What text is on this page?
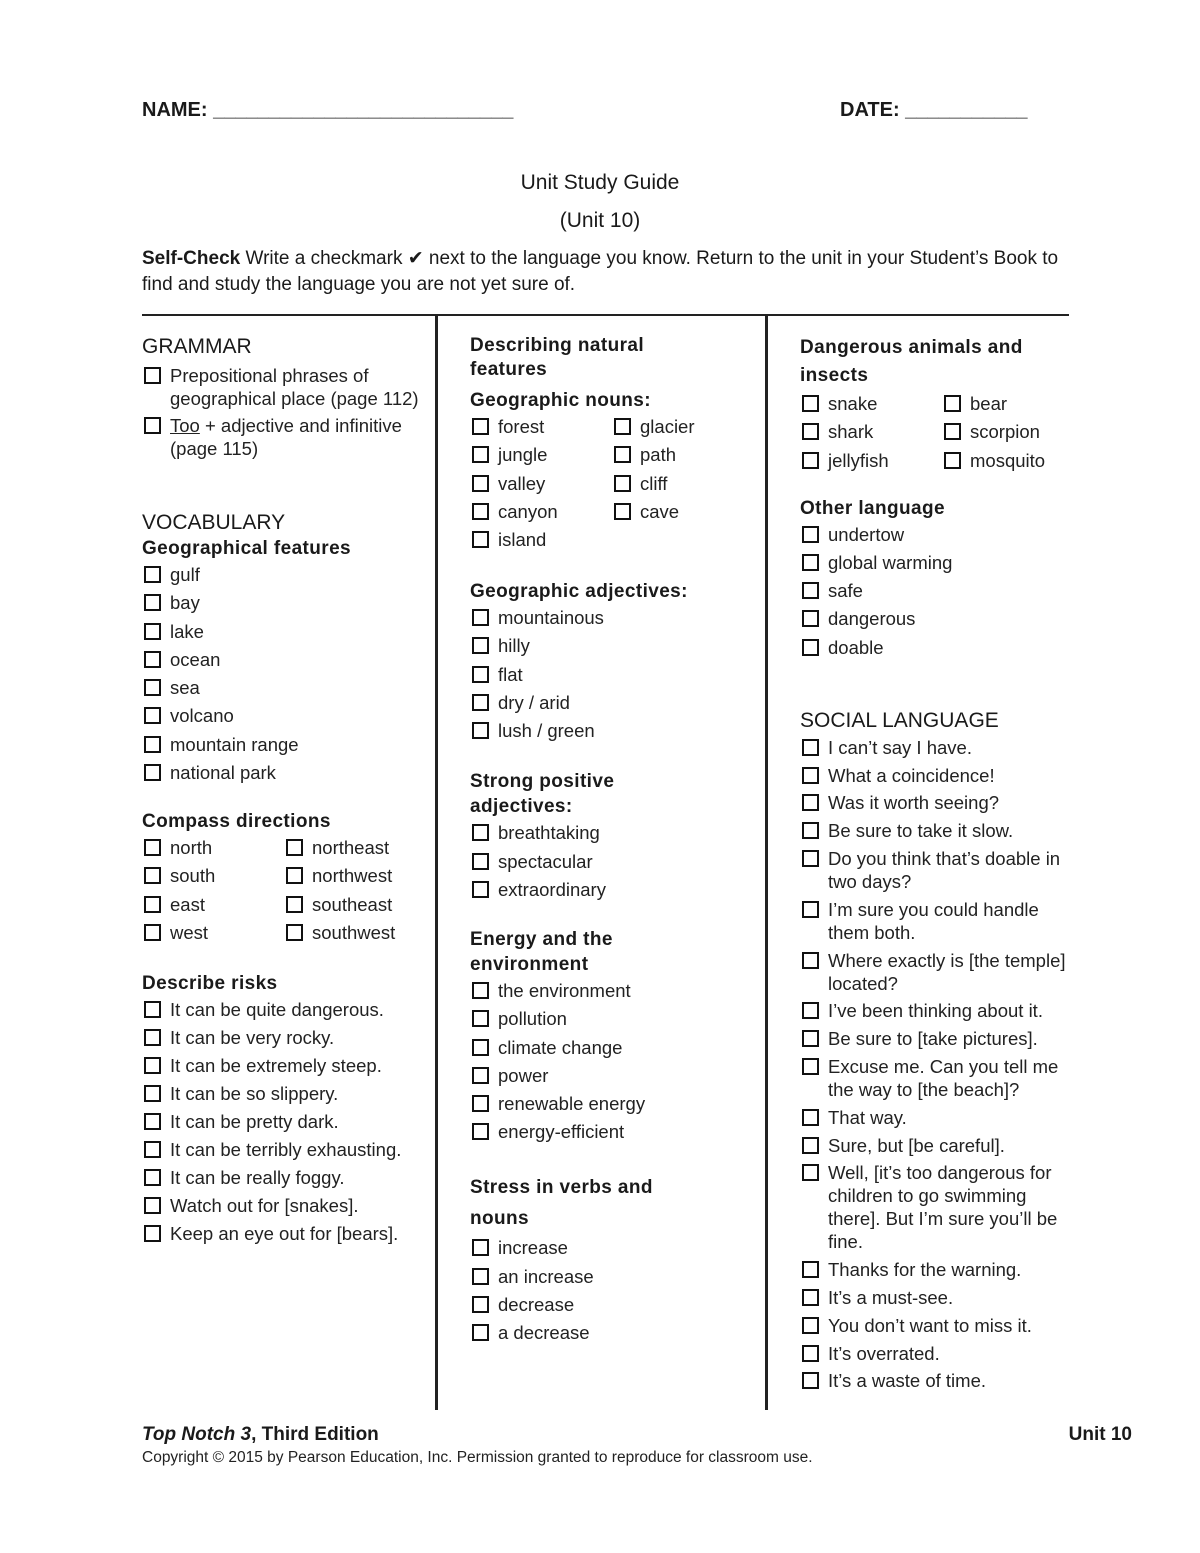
NAME: ___________________________	DATE: ___________
Unit Study Guide
(Unit 10)
Self-Check Write a checkmark ✔ next to the language you know. Return to the unit in your Student’s Book to find and study the language you are not yet sure of.
GRAMMAR
Prepositional phrases of geographical place (page 112)
Too + adjective and infinitive (page 115)
VOCABULARY
Geographical features
gulf
bay
lake
ocean
sea
volcano
mountain range
national park
Compass directions
north
south
east
west
northeast
northwest
southeast
southwest
Describe risks
It can be quite dangerous.
It can be very rocky.
It can be extremely steep.
It can be so slippery.
It can be pretty dark.
It can be terribly exhausting.
It can be really foggy.
Watch out for [snakes].
Keep an eye out for [bears].
Describing natural features
Geographic nouns:
forest
jungle
valley
canyon
island
glacier
path
cliff
cave
Geographic adjectives:
mountainous
hilly
flat
dry / arid
lush / green
Strong positive adjectives:
breathtaking
spectacular
extraordinary
Energy and the environment
the environment
pollution
climate change
power
renewable energy
energy-efficient
Stress in verbs and nouns
increase
an increase
decrease
a decrease
Dangerous animals and insects
snake
shark
jellyfish
bear
scorpion
mosquito
Other language
undertow
global warming
safe
dangerous
doable
SOCIAL LANGUAGE
I can’t say I have.
What a coincidence!
Was it worth seeing?
Be sure to take it slow.
Do you think that’s doable in two days?
I’m sure you could handle them both.
Where exactly is [the temple] located?
I’ve been thinking about it.
Be sure to [take pictures].
Excuse me. Can you tell me the way to [the beach]?
That way.
Sure, but [be careful].
Well, [it’s too dangerous for children to go swimming there]. But I’m sure you’ll be fine.
Thanks for the warning.
It’s a must-see.
You don’t want to miss it.
It’s overrated.
It’s a waste of time.
Top Notch 3, Third Edition	Unit 10
Copyright © 2015 by Pearson Education, Inc. Permission granted to reproduce for classroom use.
